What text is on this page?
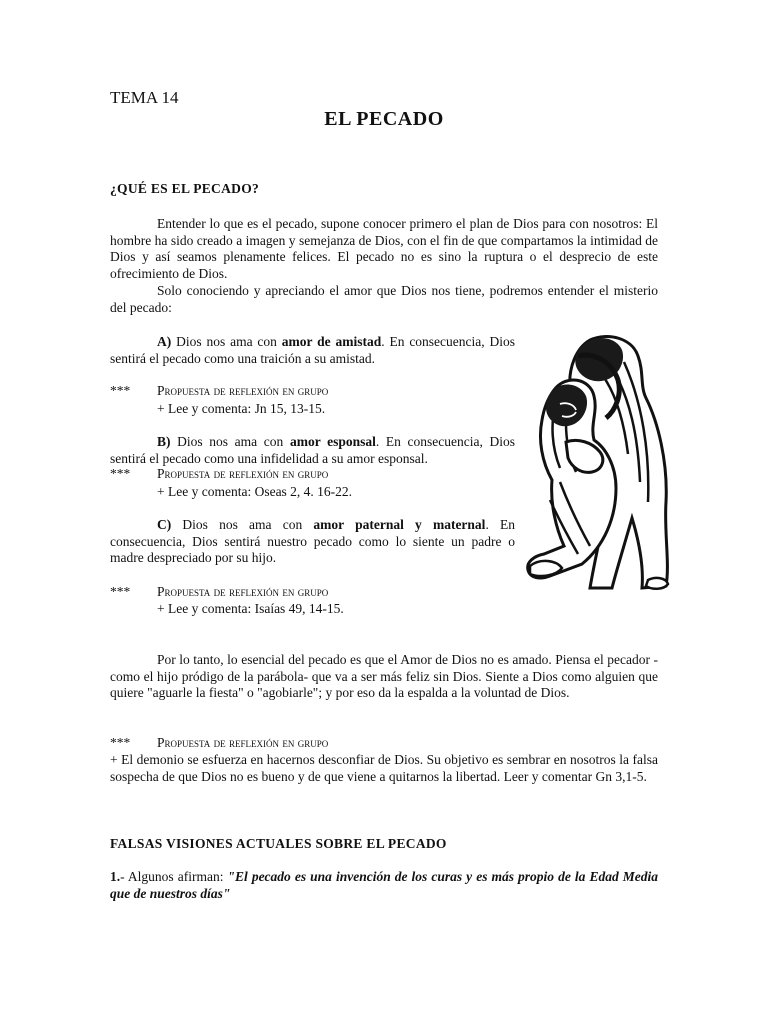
TEMA 14
EL PECADO
¿QUÉ ES EL PECADO?
Entender lo que es el pecado, supone conocer primero el plan de Dios para con nosotros: El hombre ha sido creado a imagen y semejanza de Dios, con el fin de que compartamos la intimidad de Dios y así seamos plenamente felices. El pecado no es sino la ruptura o el desprecio de este ofrecimiento de Dios.
Solo conociendo y apreciando el amor que Dios nos tiene, podremos entender el misterio del pecado:
A) Dios nos ama con amor de amistad. En consecuencia, Dios sentirá el pecado como una traición a su amistad.
*** Propuesta de reflexión en grupo
+ Lee y comenta: Jn 15, 13-15.
B) Dios nos ama con amor esponsal. En consecuencia, Dios sentirá el pecado como una infidelidad a su amor esponsal.
*** Propuesta de reflexión en grupo
+ Lee y comenta: Oseas 2, 4. 16-22.
C) Dios nos ama con amor paternal y maternal. En consecuencia, Dios sentirá nuestro pecado como lo siente un padre o madre despreciado por su hijo.
*** Propuesta de reflexión en grupo
+ Lee y comenta: Isaías 49, 14-15.
Por lo tanto, lo esencial del pecado es que el Amor de Dios no es amado. Piensa el pecador -como el hijo pródigo de la parábola- que va a ser más feliz sin Dios. Siente a Dios como alguien que quiere "aguarle la fiesta" o "agobiarle"; y por eso da la espalda a la voluntad de Dios.
*** Propuesta de reflexión en grupo
+ El demonio se esfuerza en hacernos desconfiar de Dios. Su objetivo es sembrar en nosotros la falsa sospecha de que Dios no es bueno y de que viene a quitarnos la libertad. Leer y comentar Gn 3,1-5.
FALSAS VISIONES ACTUALES SOBRE EL PECADO
1.- Algunos afirman: "El pecado es una invención de los curas y es más propio de la Edad Media que de nuestros días"
